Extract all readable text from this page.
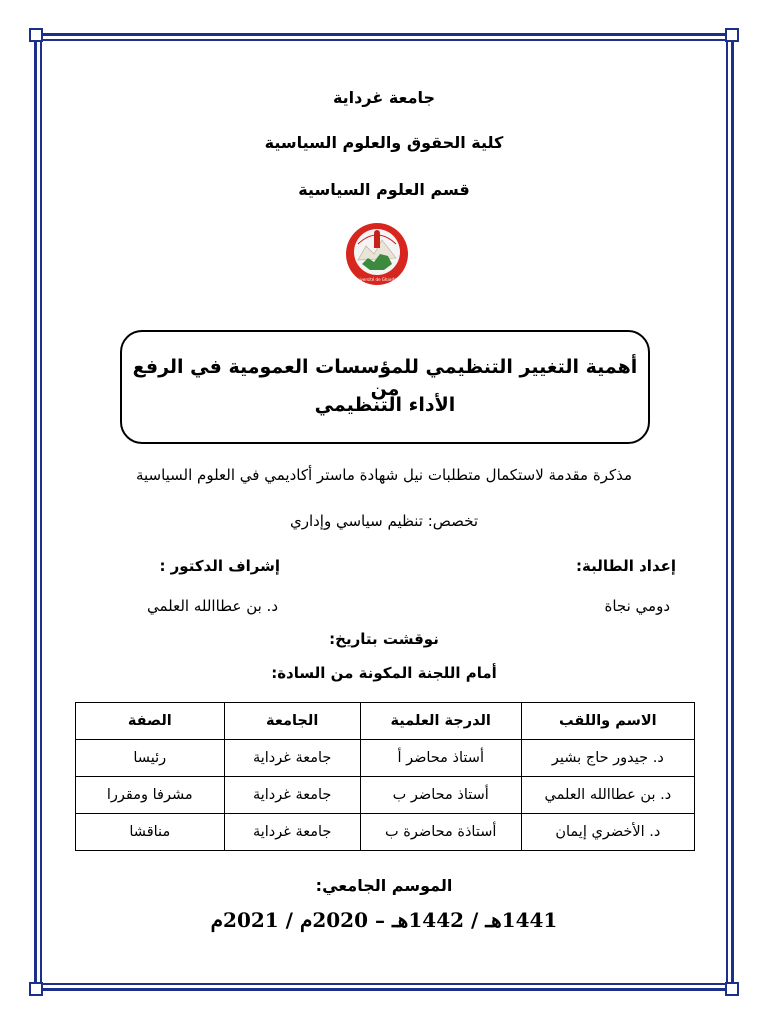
جامعة غرداية
كلية الحقوق والعلوم السياسية
قسم العلوم السياسية
Université de Ghardaia
أهمية التغيير التنظيمي للمؤسسات العمومية في الرفع من
الأداء التنظيمي
مذكرة مقدمة لاستكمال متطلبات نيل شهادة ماستر أكاديمي في العلوم السياسية
تخصص: تنظيم سياسي وإداري
إعداد الطالبة:
إشراف الدكتور :
دومي نجاة
د. بن عطاالله العلمي
نوقشت بتاريخ:
أمام اللجنة المكونة من السادة:
الاسم واللقب	الدرجة العلمية	الجامعة	الصفة
د. جيدور حاج بشير	أستاذ محاضر أ	جامعة غرداية	رئيسا
د. بن عطاالله العلمي	أستاذ محاضر ب	جامعة غرداية	مشرفا ومقررا
د. الأخضري إيمان	أستاذة محاضرة ب	جامعة غرداية	مناقشا
الموسم الجامعي:
1441هـ / 1442هـ – 2020م / 2021م
